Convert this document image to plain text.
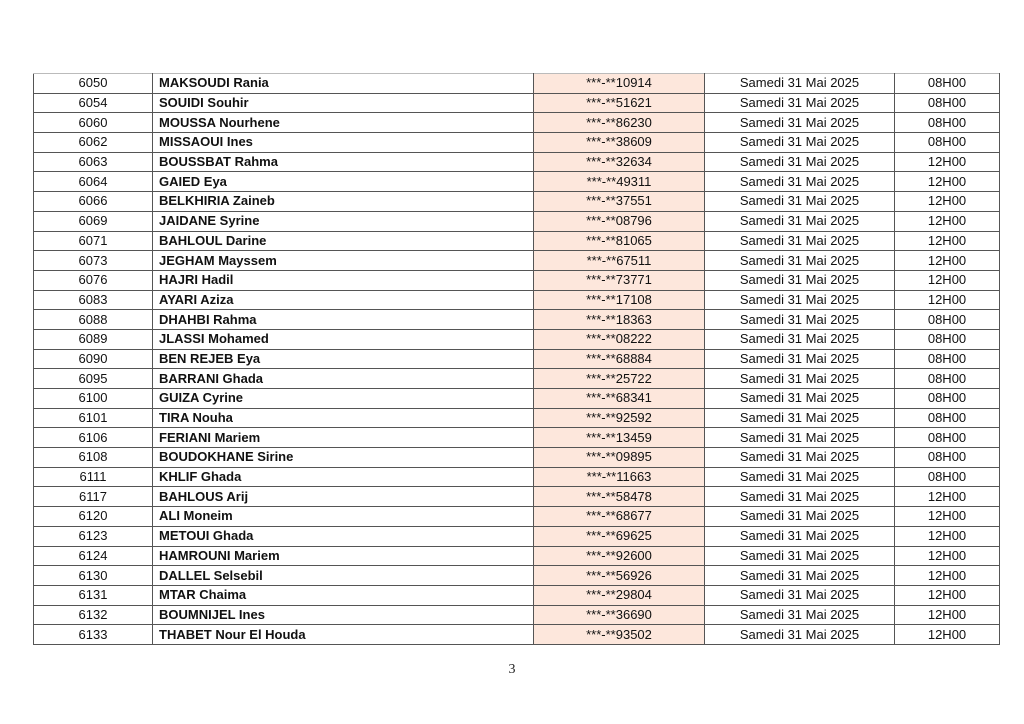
6050	MAKSOUDI Rania	***-**10914	Samedi 31 Mai 2025	08H00
6054	SOUIDI Souhir	***-**51621	Samedi 31 Mai 2025	08H00
6060	MOUSSA Nourhene	***-**86230	Samedi 31 Mai 2025	08H00
6062	MISSAOUI Ines	***-**38609	Samedi 31 Mai 2025	08H00
6063	BOUSSBAT Rahma	***-**32634	Samedi 31 Mai 2025	12H00
6064	GAIED Eya	***-**49311	Samedi 31 Mai 2025	12H00
6066	BELKHIRIA Zaineb	***-**37551	Samedi 31 Mai 2025	12H00
6069	JAIDANE Syrine	***-**08796	Samedi 31 Mai 2025	12H00
6071	BAHLOUL Darine	***-**81065	Samedi 31 Mai 2025	12H00
6073	JEGHAM Mayssem	***-**67511	Samedi 31 Mai 2025	12H00
6076	HAJRI Hadil	***-**73771	Samedi 31 Mai 2025	12H00
6083	AYARI Aziza	***-**17108	Samedi 31 Mai 2025	12H00
6088	DHAHBI Rahma	***-**18363	Samedi 31 Mai 2025	08H00
6089	JLASSI Mohamed	***-**08222	Samedi 31 Mai 2025	08H00
6090	BEN REJEB Eya	***-**68884	Samedi 31 Mai 2025	08H00
6095	BARRANI Ghada	***-**25722	Samedi 31 Mai 2025	08H00
6100	GUIZA Cyrine	***-**68341	Samedi 31 Mai 2025	08H00
6101	TIRA Nouha	***-**92592	Samedi 31 Mai 2025	08H00
6106	FERIANI Mariem	***-**13459	Samedi 31 Mai 2025	08H00
6108	BOUDOKHANE Sirine	***-**09895	Samedi 31 Mai 2025	08H00
6111	KHLIF Ghada	***-**11663	Samedi 31 Mai 2025	08H00
6117	BAHLOUS Arij	***-**58478	Samedi 31 Mai 2025	12H00
6120	ALI Moneim	***-**68677	Samedi 31 Mai 2025	12H00
6123	METOUI Ghada	***-**69625	Samedi 31 Mai 2025	12H00
6124	HAMROUNI Mariem	***-**92600	Samedi 31 Mai 2025	12H00
6130	DALLEL Selsebil	***-**56926	Samedi 31 Mai 2025	12H00
6131	MTAR Chaima	***-**29804	Samedi 31 Mai 2025	12H00
6132	BOUMNIJEL Ines	***-**36690	Samedi 31 Mai 2025	12H00
6133	THABET Nour El Houda	***-**93502	Samedi 31 Mai 2025	12H00
3
